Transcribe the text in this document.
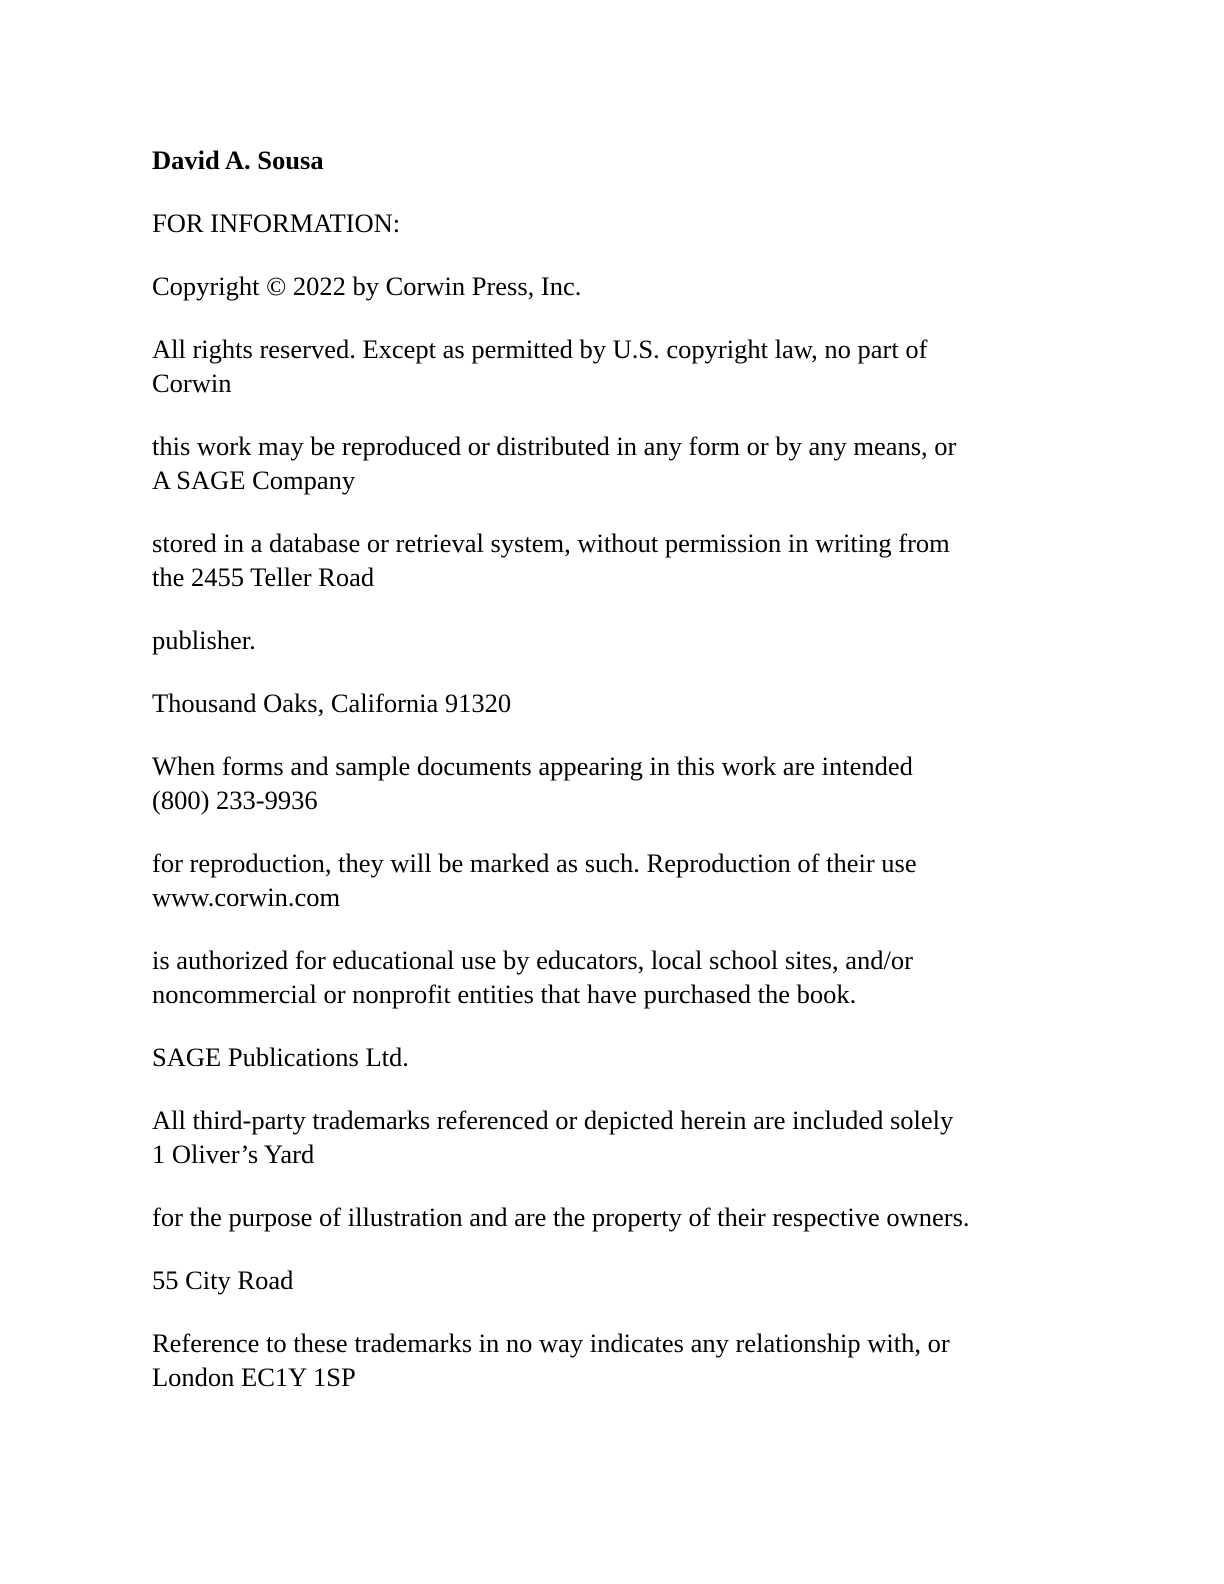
David A. Sousa

FOR INFORMATION:

Copyright © 2022 by Corwin Press, Inc.

All rights reserved. Except as permitted by U.S. copyright law, no part of
Corwin

this work may be reproduced or distributed in any form or by any means, or
A SAGE Company

stored in a database or retrieval system, without permission in writing from
the 2455 Teller Road

publisher.

Thousand Oaks, California 91320

When forms and sample documents appearing in this work are intended
(800) 233-9936

for reproduction, they will be marked as such. Reproduction of their use
www.corwin.com

is authorized for educational use by educators, local school sites, and/or
noncommercial or nonprofit entities that have purchased the book.

SAGE Publications Ltd.

All third-party trademarks referenced or depicted herein are included solely
1 Oliver’s Yard

for the purpose of illustration and are the property of their respective owners.

55 City Road

Reference to these trademarks in no way indicates any relationship with, or
London EC1Y 1SP
